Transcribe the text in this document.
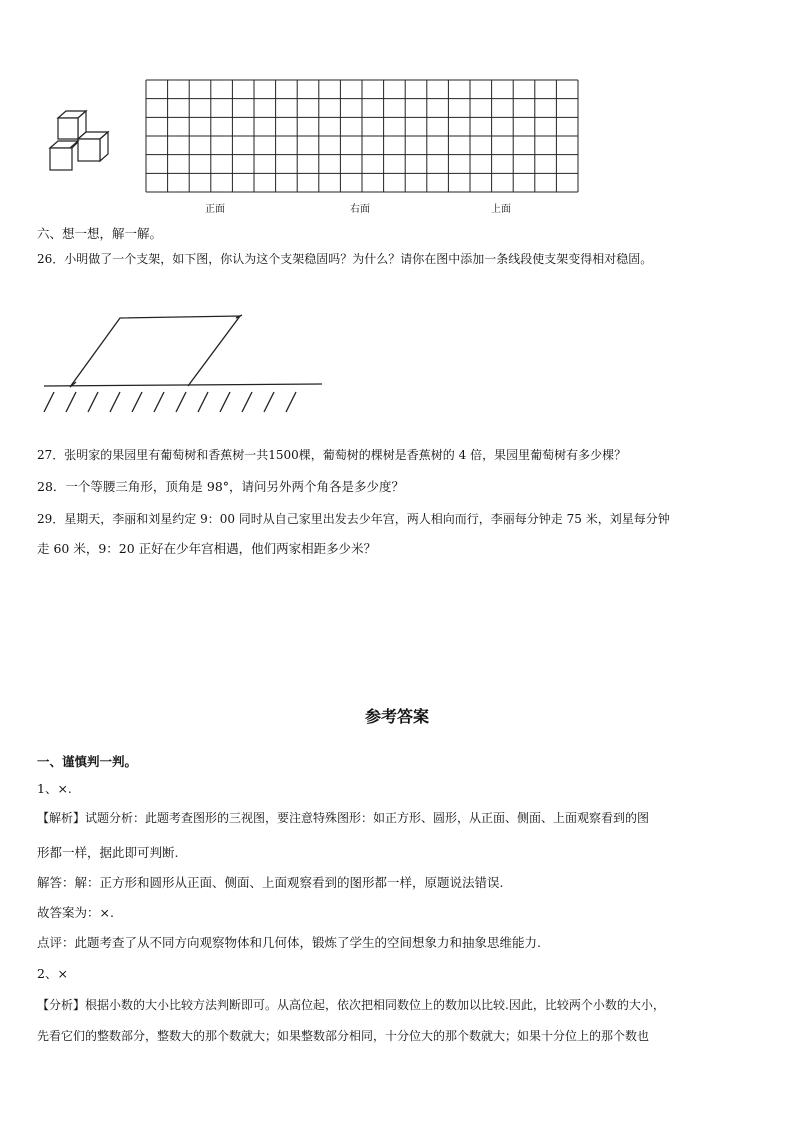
正面	右面	上面
六、想一想，解一解。
26．小明做了一个支架，如下图，你认为这个支架稳固吗？为什么？请你在图中添加一条线段使支架变得相对稳固。
27．张明家的果园里有葡萄树和香蕉树一共1500棵，葡萄树的棵树是香蕉树的 4 倍，果园里葡萄树有多少棵？
28．一个等腰三角形，顶角是 98°，请问另外两个角各是多少度？
29．星期天，李丽和刘星约定 9：00 同时从自己家里出发去少年宫，两人相向而行，李丽每分钟走 75 米，刘星每分钟
走 60 米，9：20 正好在少年宫相遇，他们两家相距多少米？
参考答案
一、谨慎判一判。
1、×.
【解析】试题分析：此题考查图形的三视图，要注意特殊图形：如正方形、圆形，从正面、侧面、上面观察看到的图
形都一样，据此即可判断.
解答：解：正方形和圆形从正面、侧面、上面观察看到的图形都一样，原题说法错误.
故答案为：×.
点评：此题考查了从不同方向观察物体和几何体，锻炼了学生的空间想象力和抽象思维能力.
2、×
【分析】根据小数的大小比较方法判断即可。从高位起，依次把相同数位上的数加以比较.因此，比较两个小数的大小，
先看它们的整数部分，整数大的那个数就大；如果整数部分相同，十分位大的那个数就大；如果十分位上的那个数也
